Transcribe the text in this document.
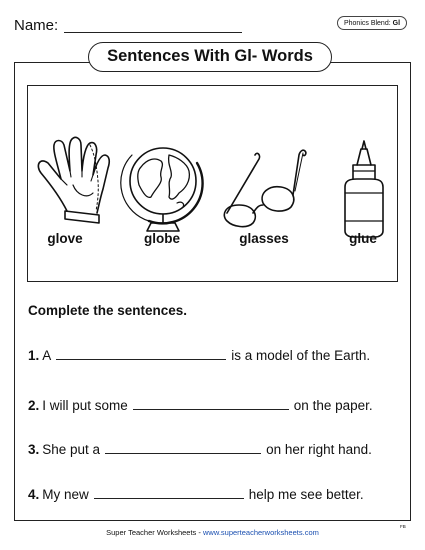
Name:	Phonics Blend: Gl
Sentences With Gl- Words
glove	globe	glasses	glue
Complete the sentences.
1. A	is a model of the Earth.
2. I will put some	on the paper.
3. She put a	on her right hand.
4. My new	help me see better.
Super Teacher Worksheets - www.superteacherworksheets.com
FB
